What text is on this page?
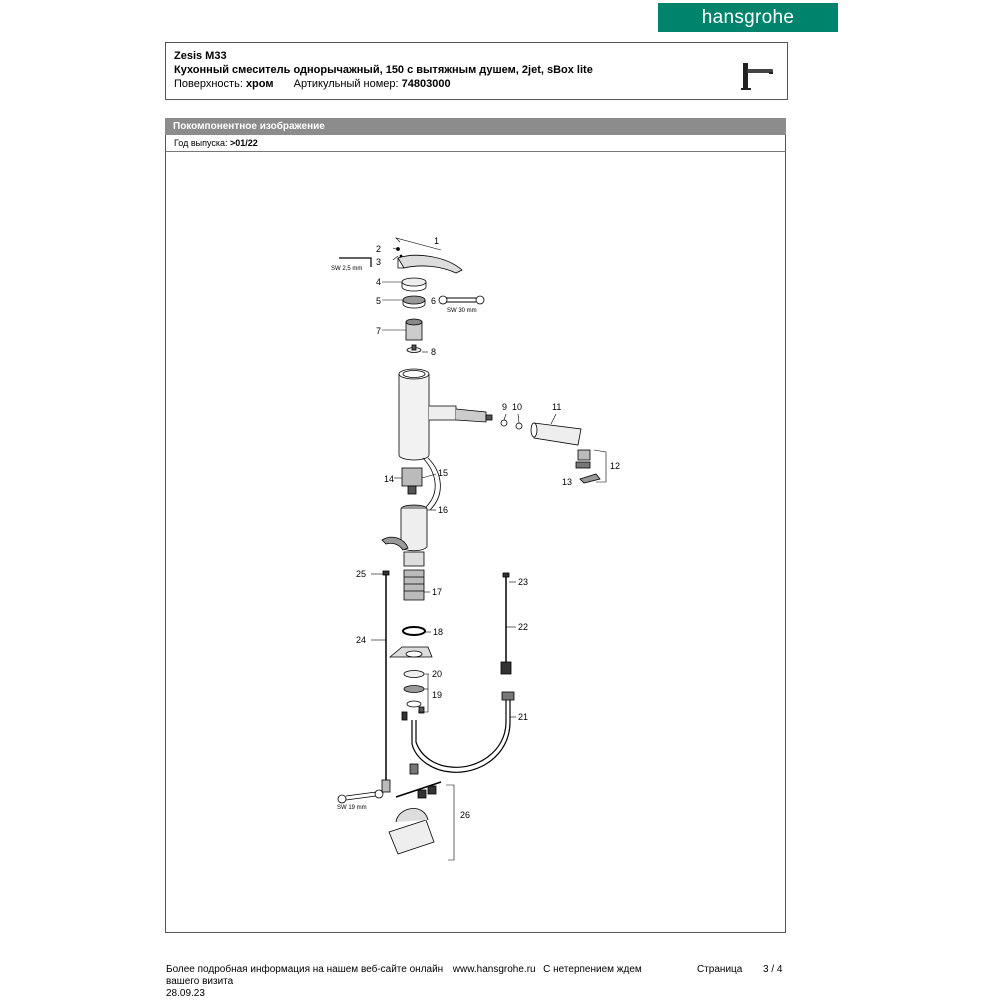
hansgrohe
Zesis M33
Кухонный смеситель однорычажный, 150 с вытяжным душем, 2jet, sBox lite
Поверхность: хром Артикульный номер: 74803000
Покомпонентное изображение
Год выпуска: >01/22
1
2
3
4
5	6
7
8
9 10	11
12
13
14
15
16
17
18
19
20
21
22
23
24
25
26
SW 2,5 mm
SW 30 mm
SW 19 mm
Более подробная информация на нашем веб-сайте онлайн www.hansgrohe.ru С нетерпением ждем	Страница 3 / 4
вашего визита
28.09.23
